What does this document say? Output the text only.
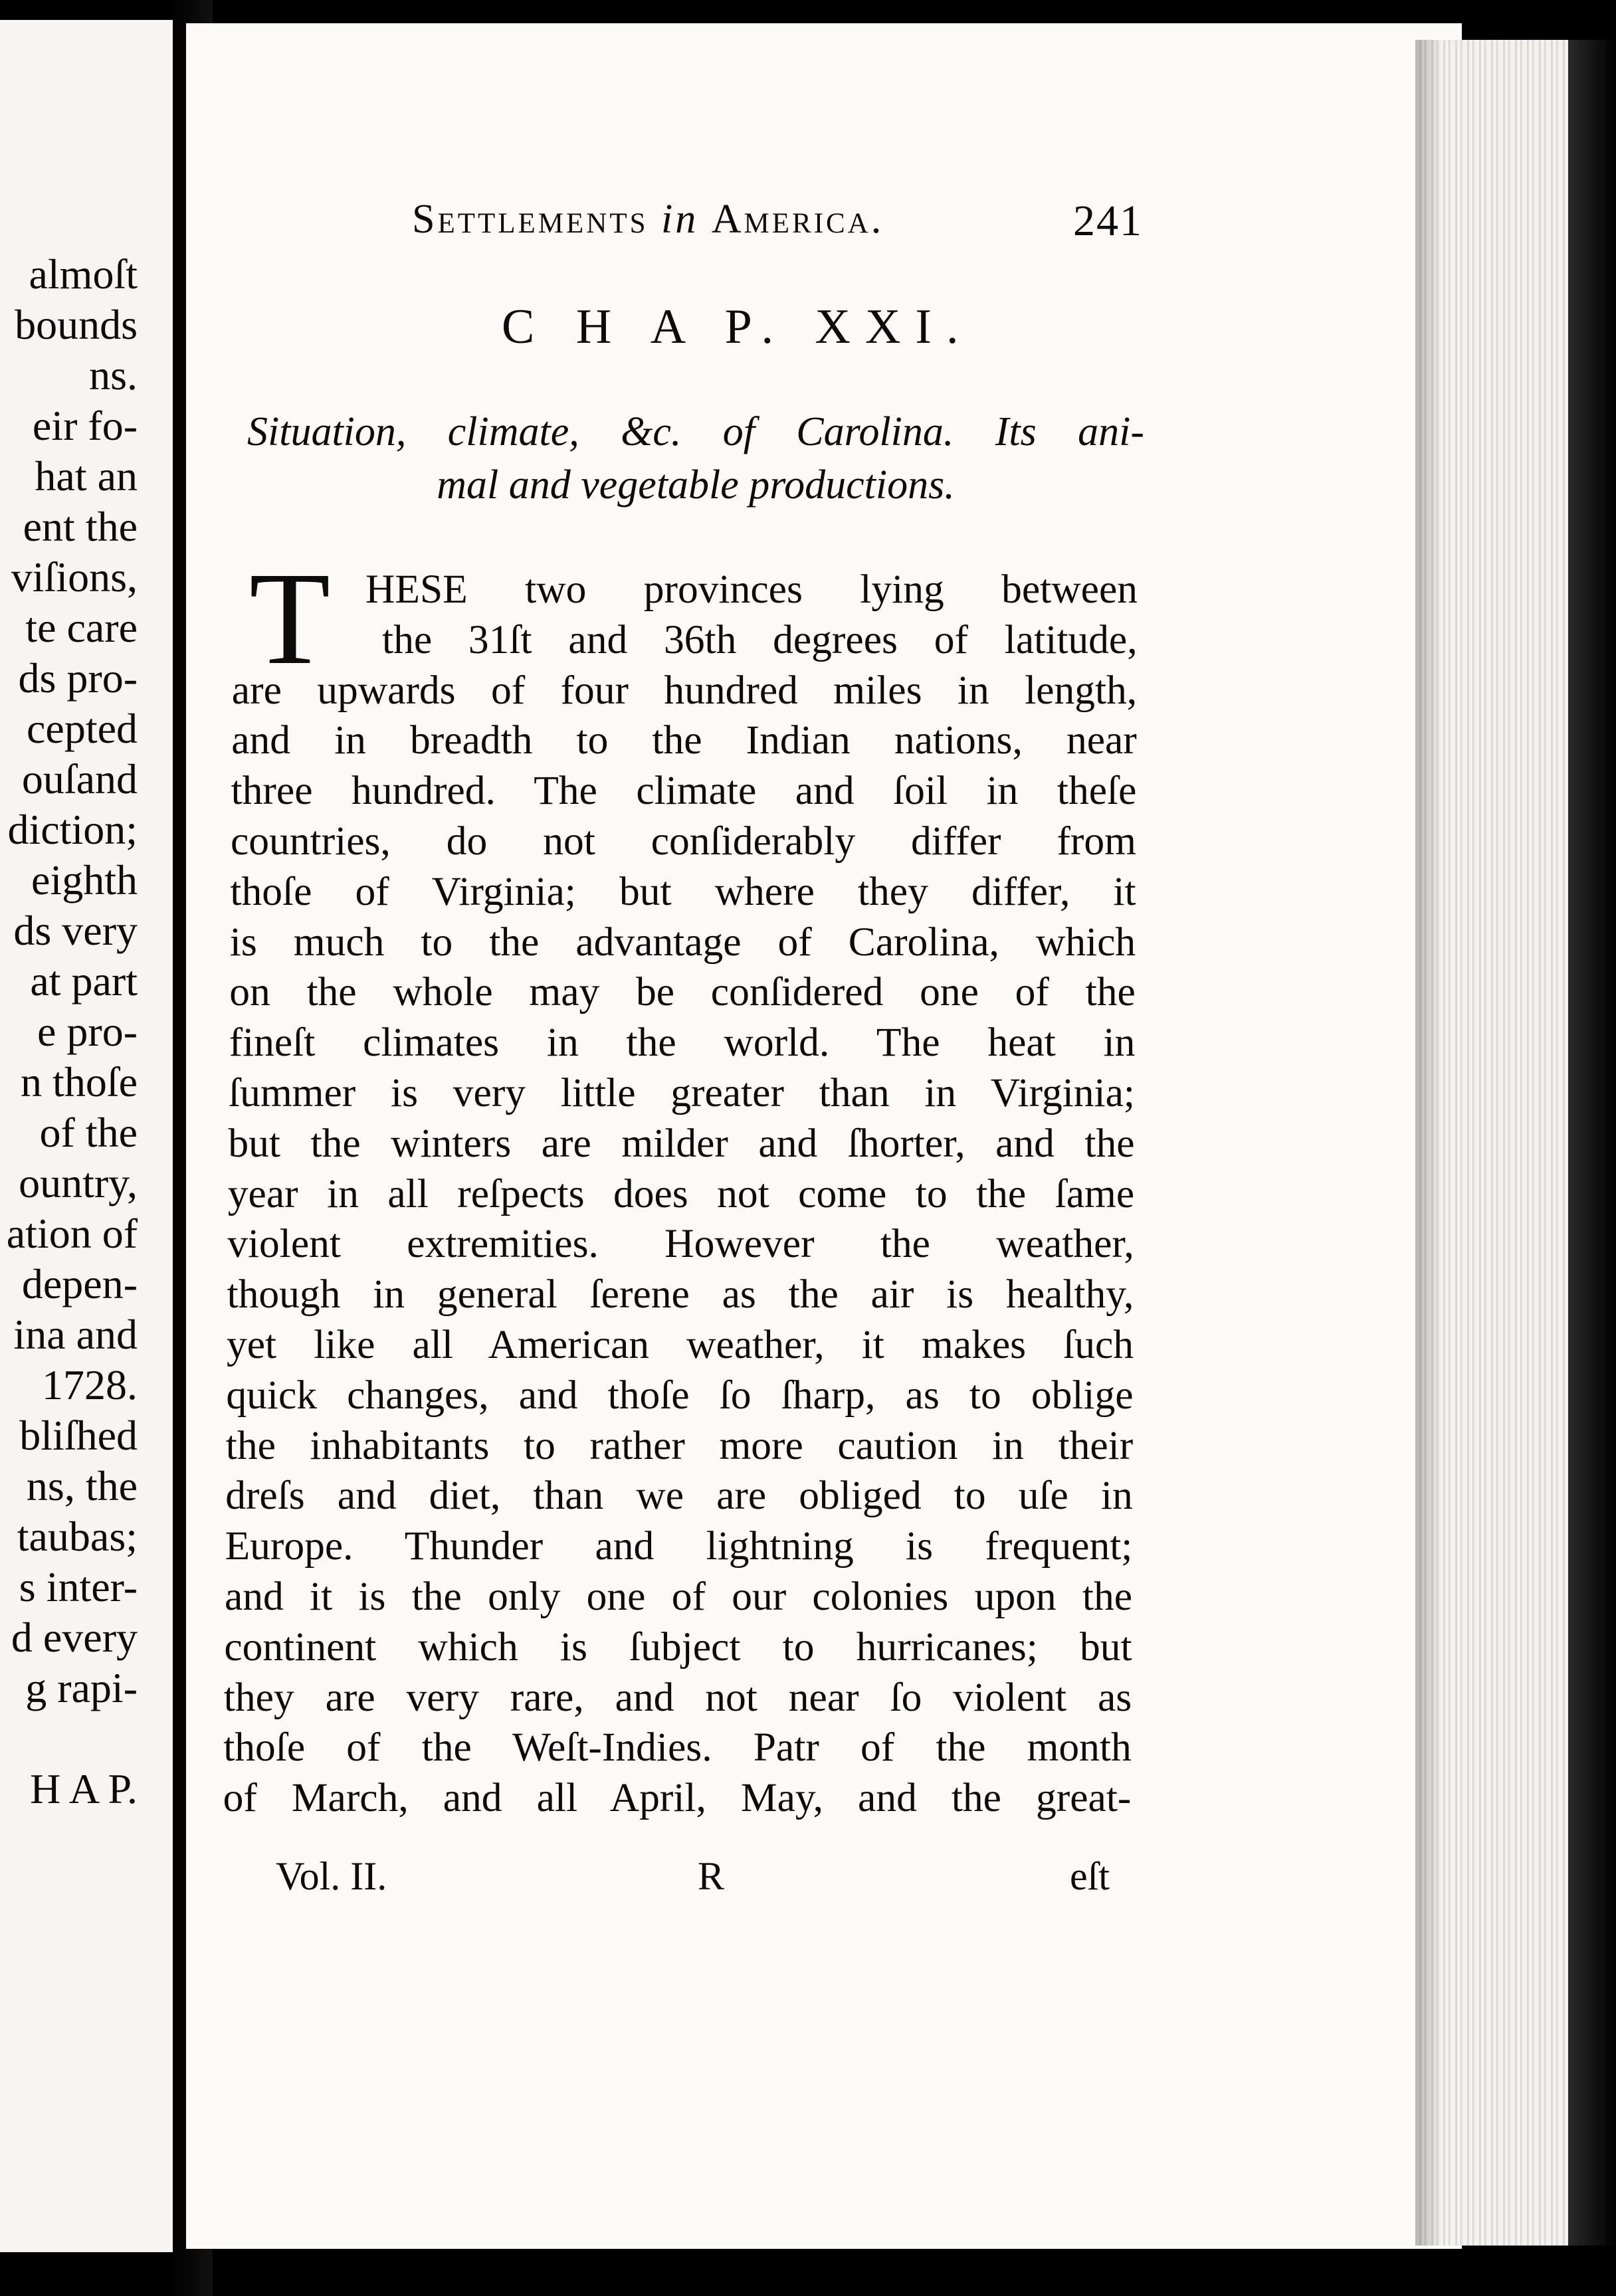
almoſt
bounds
ns.
eir fo-
hat an
ent the
viſions,
te care
ds pro-
cepted
ouſand
diction;
eighth
ds very
at part
e pro-
n thoſe
of the
ountry,
ation of
depen-
ina and
1728.
bliſhed
ns, the
taubas;
s inter-
d every
g rapi-
H A P.
Settlements in America.	241
C H A P. XXI.
Situation, climate, &c. of Carolina. Its ani-
mal and vegetable productions.
T HESE two provinces lying between
the 31ſt and 36th degrees of latitude,
are upwards of four hundred miles in length,
and in breadth to the Indian nations, near
three hundred. The climate and ſoil in theſe
countries, do not conſiderably differ from
thoſe of Virginia; but where they differ, it
is much to the advantage of Carolina, which
on the whole may be conſidered one of the
fineſt climates in the world. The heat in
ſummer is very little greater than in Virginia;
but the winters are milder and ſhorter, and the
year in all reſpects does not come to the ſame
violent extremities. However the weather,
though in general ſerene as the air is healthy,
yet like all American weather, it makes ſuch
quick changes, and thoſe ſo ſharp, as to oblige
the inhabitants to rather more caution in their
dreſs and diet, than we are obliged to uſe in
Europe. Thunder and lightning is frequent;
and it is the only one of our colonies upon the
continent which is ſubject to hurricanes; but
they are very rare, and not near ſo violent as
thoſe of the Weſt-Indies. Patr of the month
of March, and all April, May, and the great-
Vol. II.	R	eſt
